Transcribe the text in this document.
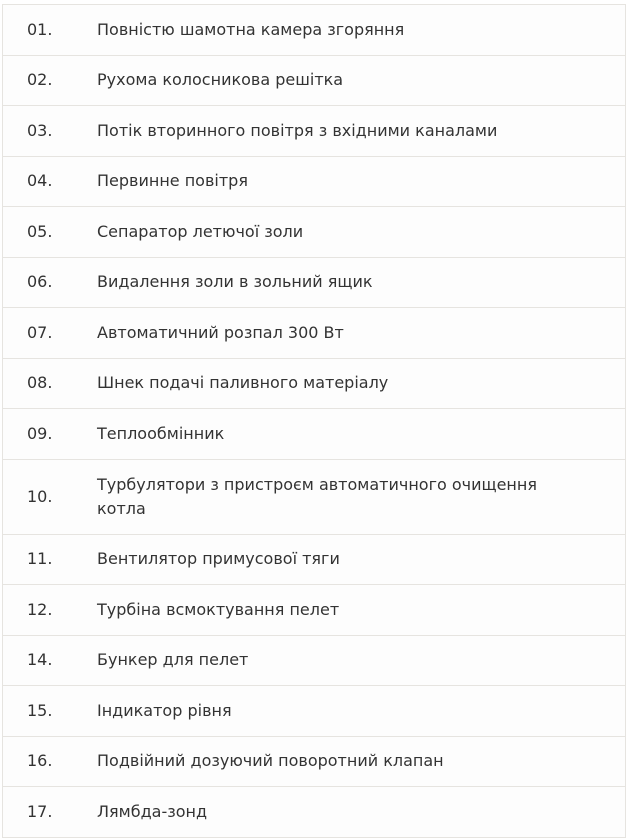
01.	Повністю шамотна камера згоряння

02.	Рухома колосникова решітка

03.	Потік вторинного повітря з вхідними каналами

04.	Первинне повітря

05.	Сепаратор летючої золи

06.	Видалення золи в зольний ящик

07.	Автоматичний розпал 300 Вт

08.	Шнек подачі паливного матеріалу

09.	Теплообмінник

10.	Турбулятори з пристроєм автоматичного очищення котла

11.	Вентилятор примусової тяги

12.	Турбіна всмоктування пелет

14.	Бункер для пелет

15.	Індикатор рівня

16.	Подвійний дозуючий поворотний клапан

17.	Лямбда-зонд
